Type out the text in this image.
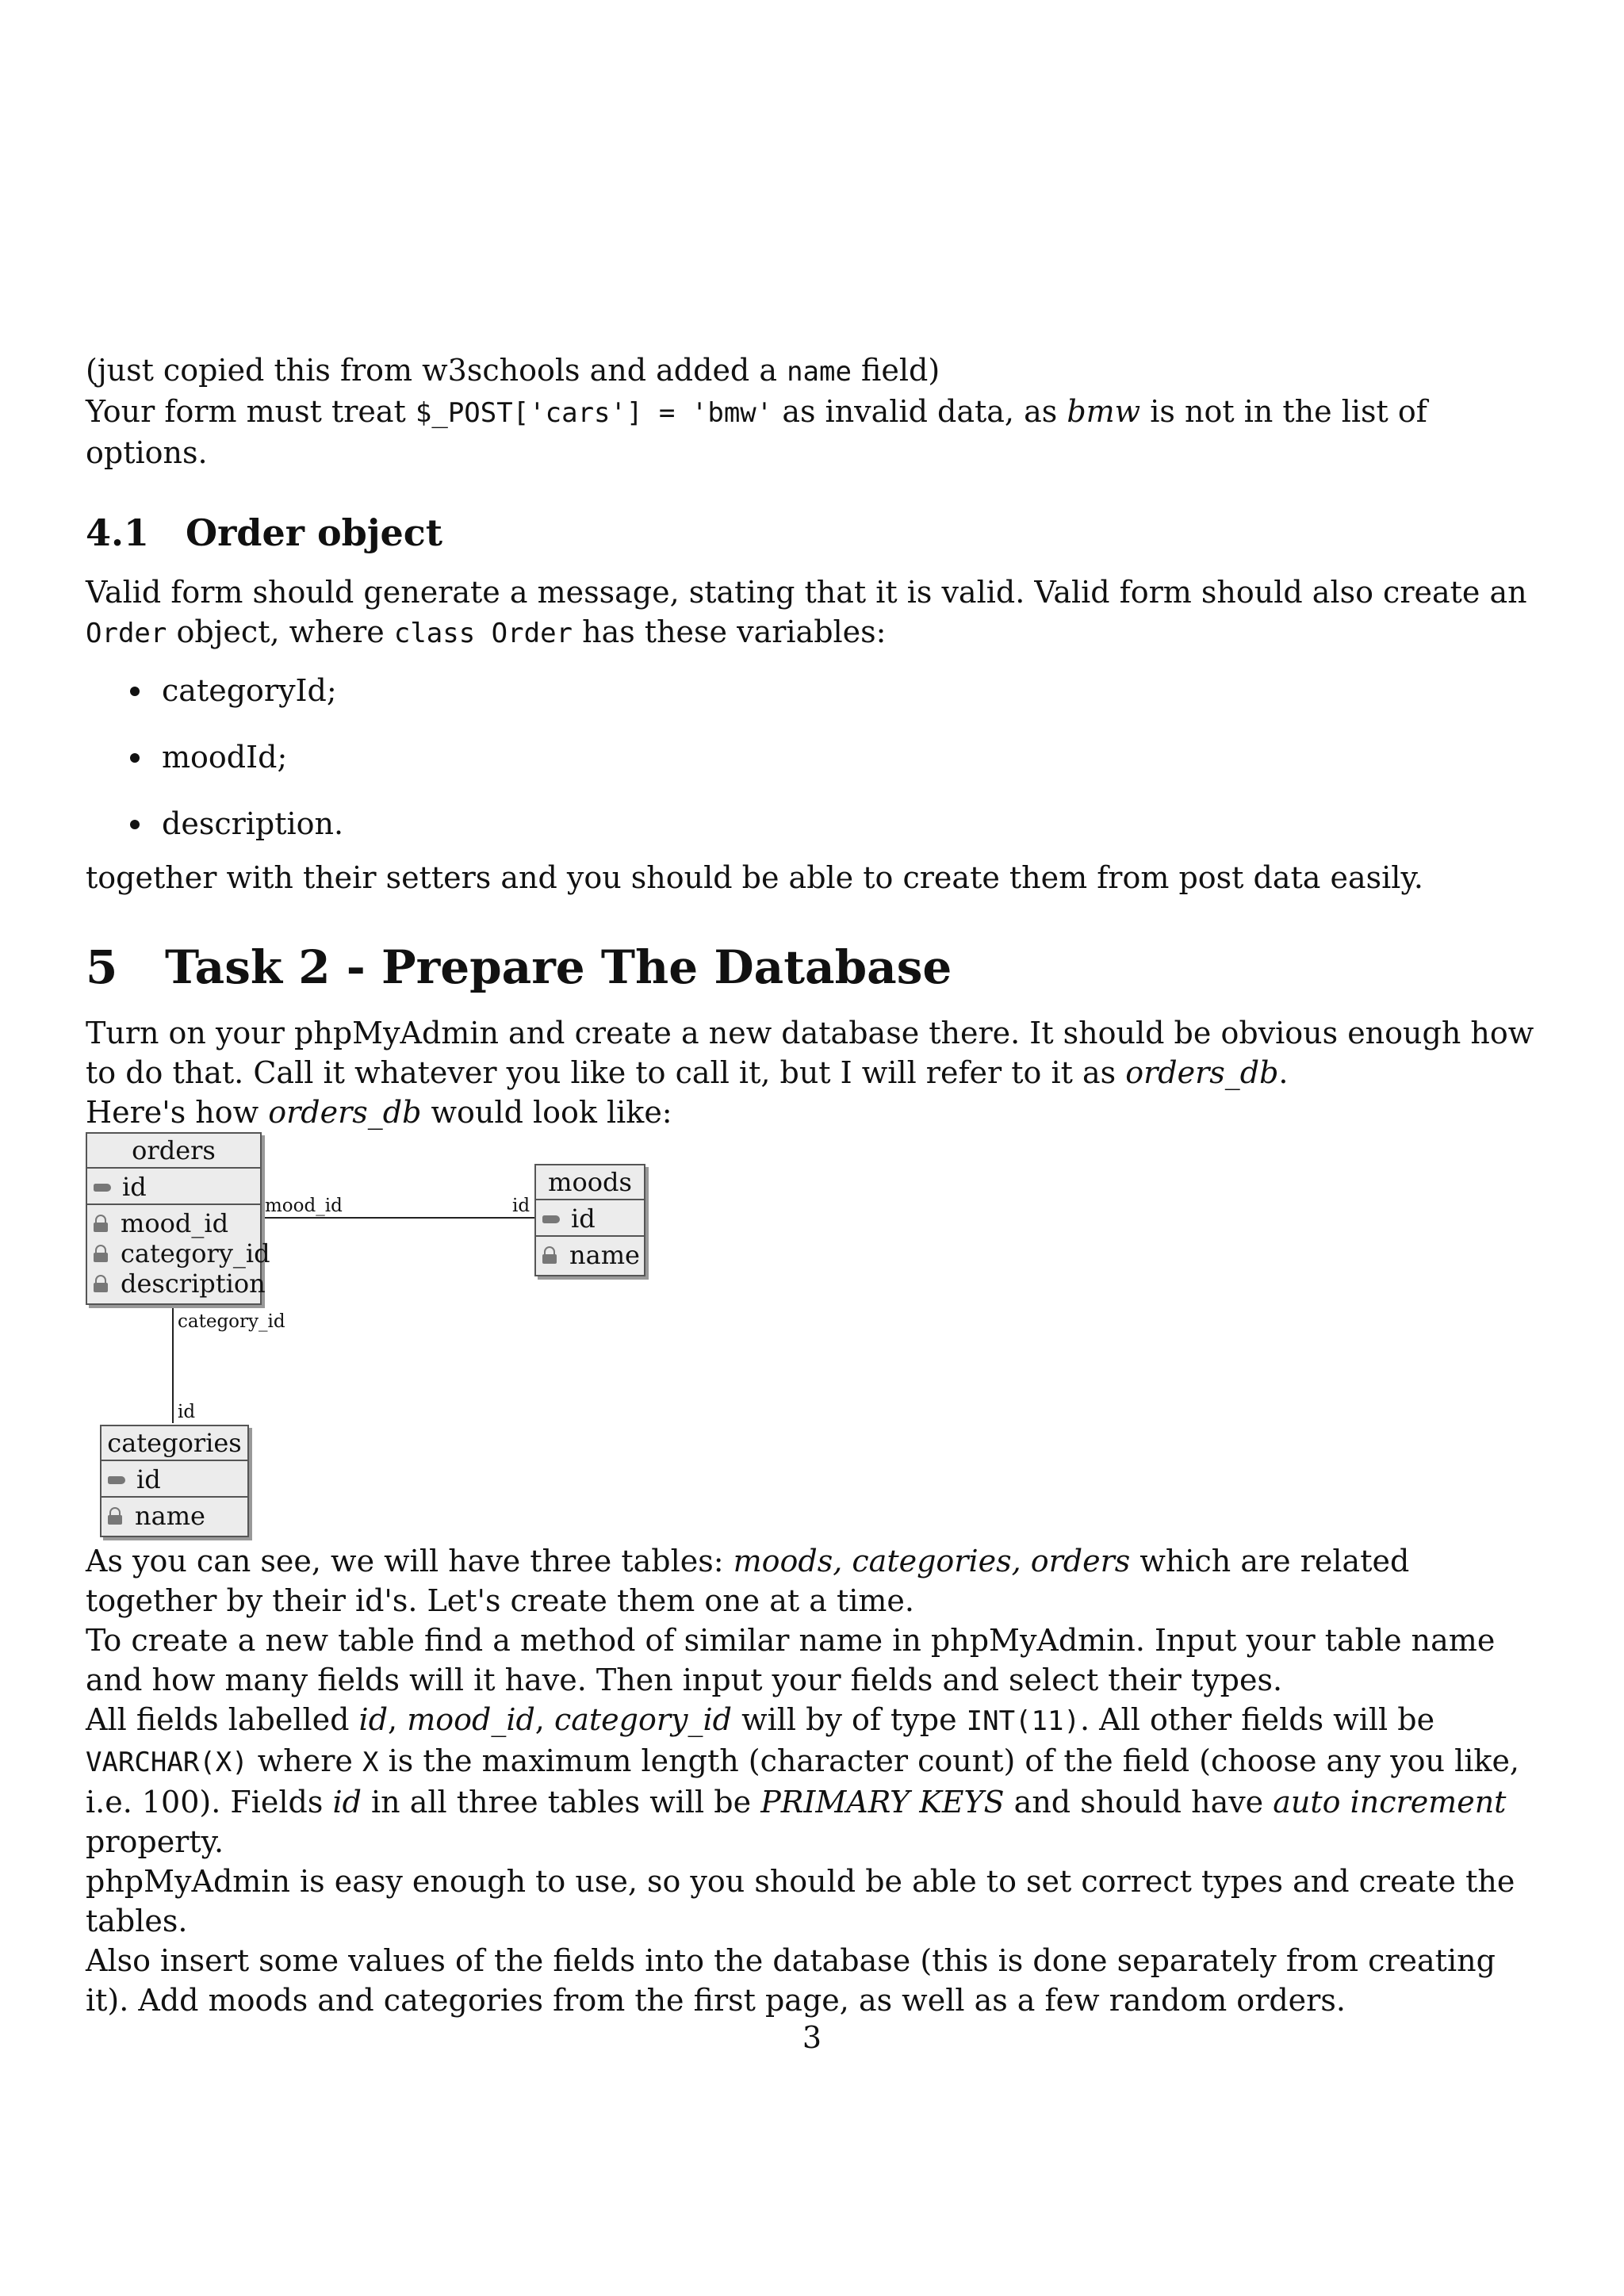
(just copied this from w3schools and added a name field)

Your form must treat $_POST['cars'] = 'bmw' as invalid data, as bmw is not in the list of options.

4.1 Order object

Valid form should generate a message, stating that it is valid. Valid form should also create an Order object, where class Order has these variables:

categoryId;
moodId;
description.

together with their setters and you should be able to create them from post data easily.

5 Task 2 - Prepare The Database

Turn on your phpMyAdmin and create a new database there. It should be obvious enough how to do that. Call it whatever you like to call it, but I will refer to it as orders_db.

Here's how orders_db would look like:

orders
id
mood_id
category_id
description
moods
id
name
categories
id
name
mood_id	id
category_id
id

As you can see, we will have three tables: moods, categories, orders which are related together by their id's. Let's create them one at a time.

To create a new table find a method of similar name in phpMyAdmin. Input your table name and how many fields will it have. Then input your fields and select their types.

All fields labelled id, mood_id, category_id will by of type INT(11). All other fields will be VARCHAR(X) where X is the maximum length (character count) of the field (choose any you like, i.e. 100). Fields id in all three tables will be PRIMARY KEYS and should have auto increment property.

phpMyAdmin is easy enough to use, so you should be able to set correct types and create the tables.

Also insert some values of the fields into the database (this is done separately from creating it). Add moods and categories from the first page, as well as a few random orders.

3
